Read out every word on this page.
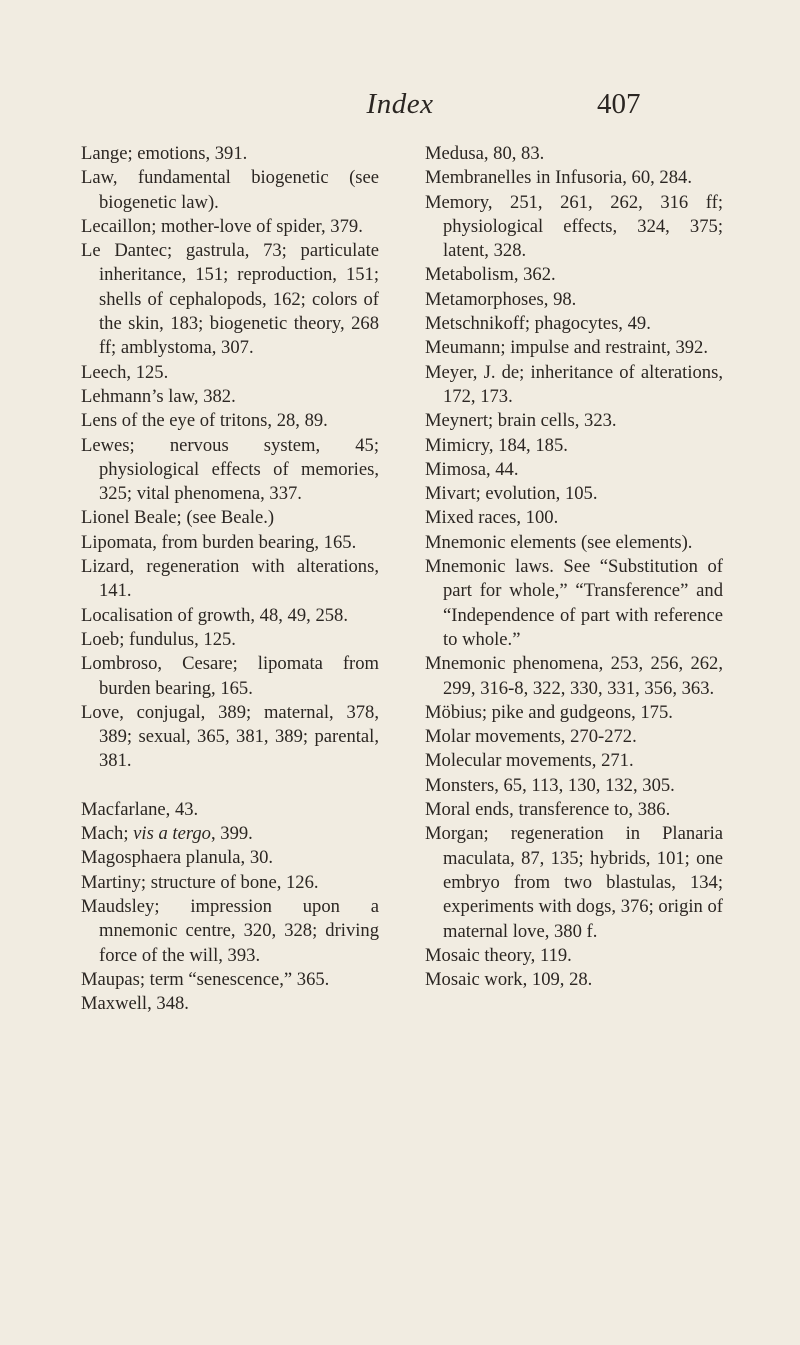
Index	407

Lange; emotions, 391.

Law, fundamental biogenetic (see biogenetic law).

Lecaillon; mother-love of spider, 379.

Le Dantec; gastrula, 73; particulate inheritance, 151; reproduction, 151; shells of cephalopods, 162; colors of the skin, 183; biogenetic theory, 268 ff; amblystoma, 307.

Leech, 125.

Lehmann’s law, 382.

Lens of the eye of tritons, 28, 89.

Lewes; nervous system, 45; physiological effects of memories, 325; vital phenomena, 337.

Lionel Beale; (see Beale.)

Lipomata, from burden bearing, 165.

Lizard, regeneration with alterations, 141.

Localisation of growth, 48, 49, 258.

Loeb; fundulus, 125.

Lombroso, Cesare; lipomata from burden bearing, 165.

Love, conjugal, 389; maternal, 378, 389; sexual, 365, 381, 389; parental, 381.

Macfarlane, 43.

Mach; vis a tergo, 399.

Magosphaera planula, 30.

Martiny; structure of bone, 126.

Maudsley; impression upon a mnemonic centre, 320, 328; driving force of the will, 393.

Maupas; term “senescence,” 365.

Maxwell, 348.

Medusa, 80, 83.

Membranelles in Infusoria, 60, 284.

Memory, 251, 261, 262, 316 ff; physiological effects, 324, 375; latent, 328.

Metabolism, 362.

Metamorphoses, 98.

Metschnikoff; phagocytes, 49.

Meumann; impulse and restraint, 392.

Meyer, J. de; inheritance of alterations, 172, 173.

Meynert; brain cells, 323.

Mimicry, 184, 185.

Mimosa, 44.

Mivart; evolution, 105.

Mixed races, 100.

Mnemonic elements (see elements).

Mnemonic laws. See “Substitution of part for whole,” “Transference” and “Independence of part with reference to whole.”

Mnemonic phenomena, 253, 256, 262, 299, 316-8, 322, 330, 331, 356, 363.

Möbius; pike and gudgeons, 175.

Molar movements, 270-272.

Molecular movements, 271.

Monsters, 65, 113, 130, 132, 305.

Moral ends, transference to, 386.

Morgan; regeneration in Planaria maculata, 87, 135; hybrids, 101; one embryo from two blastulas, 134; experiments with dogs, 376; origin of maternal love, 380 f.

Mosaic theory, 119.

Mosaic work, 109, 28.
